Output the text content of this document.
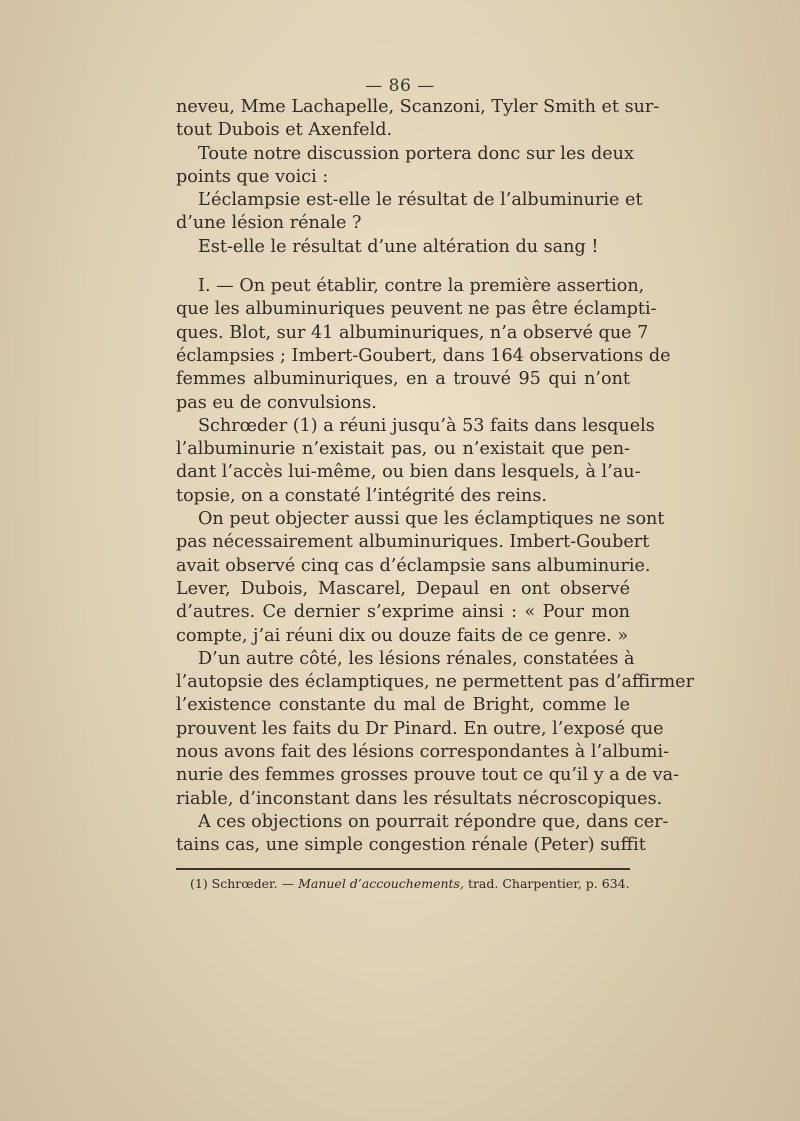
— 86 —
neveu, Mme Lachapelle, Scanzoni, Tyler Smith et sur-
tout Dubois et Axenfeld.
Toute notre discussion portera donc sur les deux
points que voici :
L’éclampsie est-elle le résultat de l’albuminurie et
d’une lésion rénale ?
Est-elle le résultat d’une altération du sang !
I. — On peut établir, contre la première assertion,
que les albuminuriques peuvent ne pas être éclampti-
ques. Blot, sur 41 albuminuriques, n’a observé que 7
éclampsies ; Imbert-Goubert, dans 164 observations de
femmes albuminuriques, en a trouvé 95 qui n’ont
pas eu de convulsions.
Schrœder (1) a réuni jusqu’à 53 faits dans lesquels
l’albuminurie n’existait pas, ou n’existait que pen-
dant l’accès lui-même, ou bien dans lesquels, à l’au-
topsie, on a constaté l’intégrité des reins.
On peut objecter aussi que les éclamptiques ne sont
pas nécessairement albuminuriques. Imbert-Goubert
avait observé cinq cas d’éclampsie sans albuminurie.
Lever, Dubois, Mascarel, Depaul en ont observé
d’autres. Ce dernier s’exprime ainsi : « Pour mon
compte, j’ai réuni dix ou douze faits de ce genre. »
D’un autre côté, les lésions rénales, constatées à
l’autopsie des éclamptiques, ne permettent pas d’affirmer
l’existence constante du mal de Bright, comme le
prouvent les faits du Dr Pinard. En outre, l’exposé que
nous avons fait des lésions correspondantes à l’albumi-
nurie des femmes grosses prouve tout ce qu’il y a de va-
riable, d’inconstant dans les résultats nécroscopiques.
A ces objections on pourrait répondre que, dans cer-
tains cas, une simple congestion rénale (Peter) suffit
(1) Schrœder. — Manuel d’accouchements, trad. Charpentier, p. 634.
